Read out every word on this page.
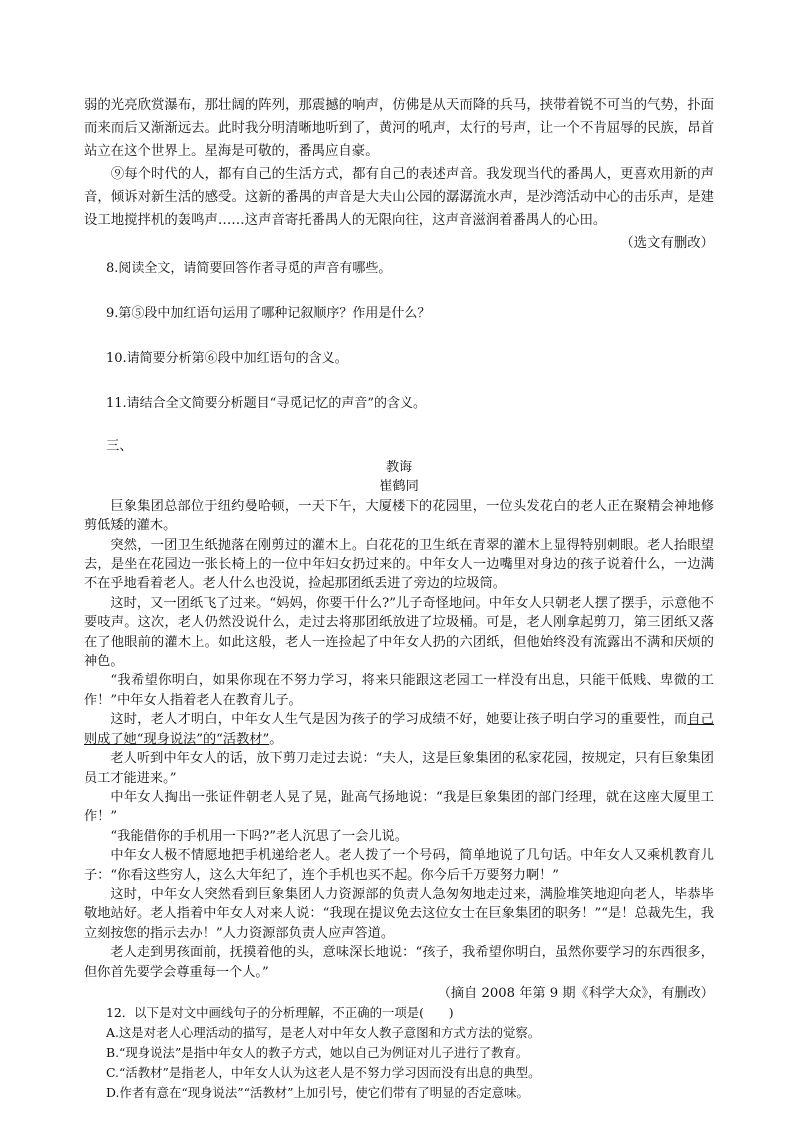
弱的光亮欣赏瀑布，那壮阔的阵列，那震撼的响声，仿佛是从天而降的兵马，挟带着锐不可当的气势，扑面而来而后又渐渐远去。此时我分明清晰地听到了，黄河的吼声，太行的号声，让一个不肯屈辱的民族，昂首站立在这个世界上。星海是可敬的，番禺应自豪。

⑨每个时代的人，都有自己的生活方式，都有自己的表述声音。我发现当代的番禺人，更喜欢用新的声音，倾诉对新生活的感受。这新的番禺的声音是大夫山公园的潺潺流水声，是沙湾活动中心的击乐声，是建设工地搅拌机的轰鸣声……这声音寄托番禺人的无限向往，这声音滋润着番禺人的心田。

（选文有删改）

8.阅读全文，请简要回答作者寻觅的声音有哪些。

9.第⑤段中加红语句运用了哪种记叙顺序？作用是什么？

10.请简要分析第⑥段中加红语句的含义。

11.请结合全文简要分析题目“寻觅记忆的声音”的含义。

三、

教诲

崔鹤同

巨象集团总部位于纽约曼哈顿，一天下午，大厦楼下的花园里，一位头发花白的老人正在聚精会神地修剪低矮的灌木。

突然，一团卫生纸抛落在刚剪过的灌木上。白花花的卫生纸在青翠的灌木上显得特别刺眼。老人抬眼望去，是坐在花园边一张长椅上的一位中年妇女扔过来的。中年女人一边嘴里对身边的孩子说着什么，一边满不在乎地看着老人。老人什么也没说，捡起那团纸丢进了旁边的垃圾筒。

这时，又一团纸飞了过来。“妈妈，你要干什么?”儿子奇怪地问。中年女人只朝老人摆了摆手，示意他不要吱声。这次，老人仍然没说什么，走过去将那团纸放进了垃圾桶。可是，老人刚拿起剪刀，第三团纸又落在了他眼前的灌木上。如此这般，老人一连捡起了中年女人扔的六团纸，但他始终没有流露出不满和厌烦的神色。

“我希望你明白，如果你现在不努力学习，将来只能跟这老园工一样没有出息，只能干低贱、卑微的工作！”中年女人指着老人在教育儿子。

这时，老人才明白，中年女人生气是因为孩子的学习成绩不好，她要让孩子明白学习的重要性，而自己则成了她“现身说法”的“活教材”。

老人听到中年女人的话，放下剪刀走过去说：“夫人，这是巨象集团的私家花园，按规定，只有巨象集团员工才能进来。”

中年女人掏出一张证件朝老人晃了晃，趾高气扬地说：“我是巨象集团的部门经理，就在这座大厦里工作！”

“我能借你的手机用一下吗?”老人沉思了一会儿说。

中年女人极不情愿地把手机递给老人。老人拨了一个号码，简单地说了几句话。中年女人又乘机教育儿子：“你看这些穷人，这么大年纪了，连个手机也买不起。你今后千万要努力啊！”

这时，中年女人突然看到巨象集团人力资源部的负责人急匆匆地走过来，满脸堆笑地迎向老人，毕恭毕敬地站好。老人指着中年女人对来人说：“我现在提议免去这位女士在巨象集团的职务！”“是！总裁先生，我立刻按您的指示去办！”人力资源部负责人应声答道。

老人走到男孩面前，抚摸着他的头，意味深长地说：“孩子，我希望你明白，虽然你要学习的东西很多，但你首先要学会尊重每一个人。”

（摘自 2008 年第 9 期《科学大众》，有删改）

12．以下是对文中画线句子的分析理解，不正确的一项是(　　)

A.这是对老人心理活动的描写，是老人对中年女人教子意图和方式方法的觉察。

B.“现身说法”是指中年女人的教子方式，她以自己为例证对儿子进行了教育。

C.“活教材”是指老人，中年女人认为这老人是不努力学习因而没有出息的典型。

D.作者有意在“现身说法”“活教材”上加引号，使它们带有了明显的否定意味。
